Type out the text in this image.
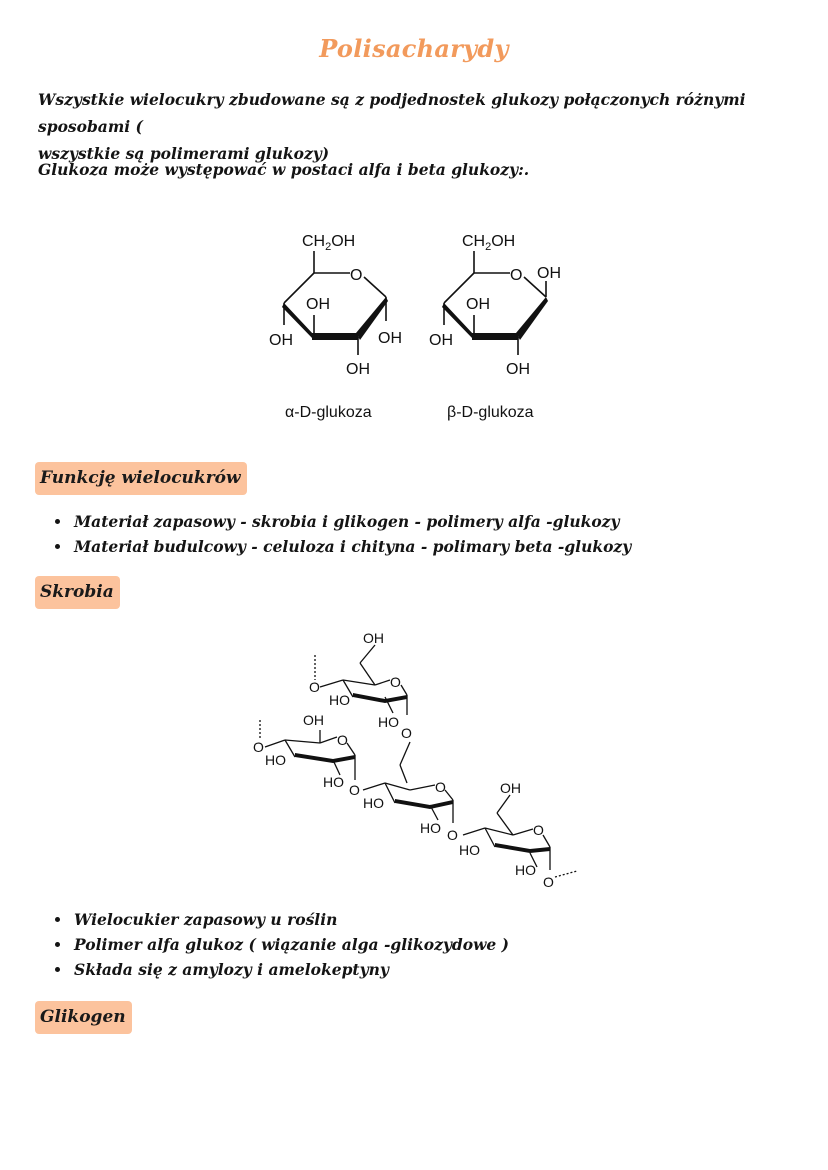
Polisacharydy
Wszystkie wielocukry zbudowane są z podjednostek glukozy połączonych różnymi sposobami (
wszystkie są polimerami glukozy)
Glukoza może występować w postaci alfa i beta glukozy:.
$CH_2OH$
O
OH
OH
OH
OH
$CH_2OH$
O OH
OH
OH
OH
α-D-glukoza	β-D-glukoza
Funkcję wielocukrów
• Materiał zapasowy - skrobia i glikogen - polimery alfa -glukozy
• Materiał budulcowy - celuloza i chityna - polimary beta -glukozy
Skrobia
OH
O	O
HO
HO
O
OH
O	O
HO
HO O	O
HO
HO O
OH
O
HO
HO
O
• Wielocukier zapasowy u roślin
• Polimer alfa glukoz ( wiązanie alga -glikozydowe )
• Składa się z amylozy i amelokeptyny
Glikogen
